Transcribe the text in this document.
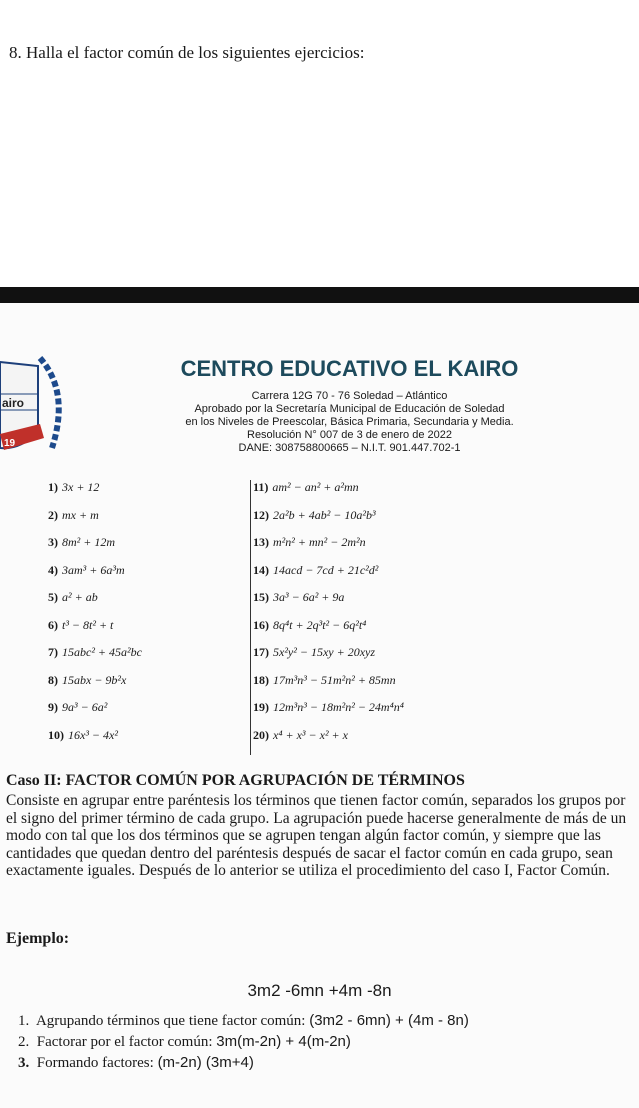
8. Halla el factor común de los siguientes ejercicios:
airo
19
CENTRO EDUCATIVO EL KAIRO
Carrera 12G 70 - 76 Soledad – Atlántico
Aprobado por la Secretaría Municipal de Educación de Soledad
en los Niveles de Preescolar, Básica Primaria, Secundaria y Media.
Resolución N° 007 de 3 de enero de 2022
DANE: 308758800665 – N.I.T. 901.447.702-1
1) 3x + 12
2) mx + m
3) 8m² + 12m
4) 3am³ + 6a³m
5) a² + ab
6) t³ − 8t² + t
7) 15abc² + 45a²bc
8) 15abx − 9b²x
9) 9a³ − 6a²
10) 16x³ − 4x²
11) am² − an² + a²mn
12) 2a²b + 4ab² − 10a²b³
13) m²n² + mn² − 2m²n
14) 14acd − 7cd + 21c²d²
15) 3a³ − 6a² + 9a
16) 8q⁴t + 2q³t² − 6q²t⁴
17) 5x²y² − 15xy + 20xyz
18) 17m³n³ − 51m²n² + 85mn
19) 12m³n³ − 18m²n² − 24m⁴n⁴
20) x⁴ + x³ − x² + x
Caso II: FACTOR COMÚN POR AGRUPACIÓN DE TÉRMINOS
Consiste en agrupar entre paréntesis los términos que tienen factor común, separados los grupos por el signo del primer término de cada grupo. La agrupación puede hacerse generalmente de más de un modo con tal que los dos términos que se agrupen tengan algún factor común, y siempre que las cantidades que quedan dentro del paréntesis después de sacar el factor común en cada grupo, sean exactamente iguales. Después de lo anterior se utiliza el procedimiento del caso I, Factor Común.
Ejemplo:
3m2 -6mn +4m -8n
1. Agrupando términos que tiene factor común: (3m2 - 6mn) + (4m - 8n)
2. Factorar por el factor común: 3m(m-2n) + 4(m-2n)
3. Formando factores: (m-2n) (3m+4)
